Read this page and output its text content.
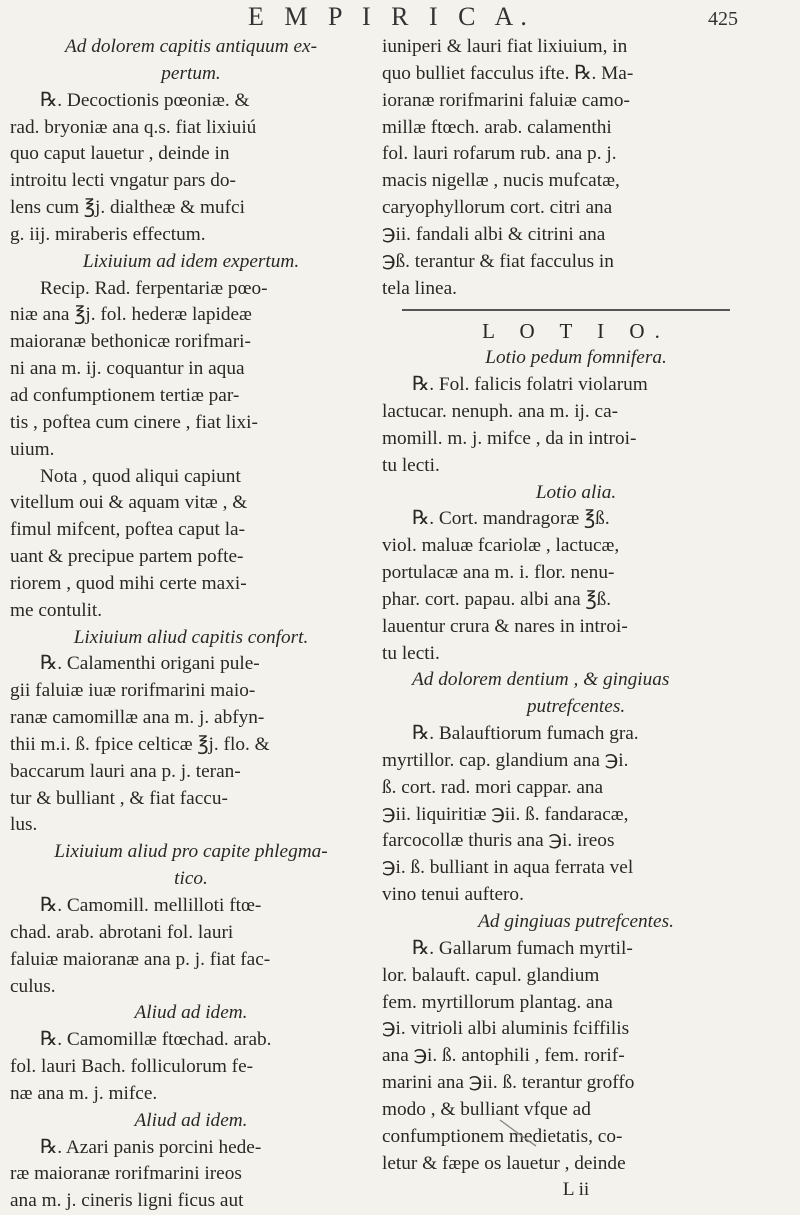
E M P I R I C A.	425
Ad dolorem capitis antiquum ex-
pertum.
℞. Decoctionis pœoniæ. &
rad. bryoniæ ana q.s. fiat lixiuiú
quo caput lauetur , deinde in
introitu lecti vngatur pars do-
lens cum ℥j. dialtheæ & mufci
g. iij. miraberis effectum.
Lixiuium ad idem expertum.
Recip. Rad. ferpentariæ pœo-
niæ ana ℥j. fol. hederæ lapideæ
maioranæ bethonicæ rorifmari-
ni ana m. ij. coquantur in aqua
ad confumptionem tertiæ par-
tis , poftea cum cinere , fiat lixi-
uium.
Nota , quod aliqui capiunt
vitellum oui & aquam vitæ , &
fimul mifcent, poftea caput la-
uant & precipue partem pofte-
riorem , quod mihi certe maxi-
me contulit.
Lixiuium aliud capitis confort.
℞. Calamenthi origani pule-
gii faluiæ iuæ rorifmarini maio-
ranæ camomillæ ana m. j. abfyn-
thii m.i. ß. fpice celticæ ℥j. flo. &
baccarum lauri ana p. j. teran-
tur & bulliant , & fiat faccu-
lus.
Lixiuium aliud pro capite phlegma-
tico.
℞. Camomill. mellilloti ftœ-
chad. arab. abrotani fol. lauri
faluiæ maioranæ ana p. j. fiat fac-
culus.
Aliud ad idem.
℞. Camomillæ ftœchad. arab.
fol. lauri Bach. folliculorum fe-
næ ana m. j. mifce.
Aliud ad idem.
℞. Azari panis porcini hede-
ræ maioranæ rorifmarini ireos
ana m. j. cineris ligni ficus aut
iuniperi & lauri fiat lixiuium, in
quo bulliet facculus ifte. ℞. Ma-
ioranæ rorifmarini faluiæ camo-
millæ ftœch. arab. calamenthi
fol. lauri rofarum rub. ana p. j.
macis nigellæ , nucis mufcatæ,
caryophyllorum cort. citri ana
℈ii. fandali albi & citrini ana
℈ß. terantur & fiat facculus in
tela linea.
L O T I O.
Lotio pedum fomnifera.
℞. Fol. falicis folatri violarum
lactucar. nenuph. ana m. ij. ca-
momill. m. j. mifce , da in introi-
tu lecti.
Lotio alia.
℞. Cort. mandragoræ ℥ß.
viol. maluæ fcariolæ , lactucæ,
portulacæ ana m. i. flor. nenu-
phar. cort. papau. albi ana ℥ß.
lauentur crura & nares in introi-
tu lecti.
Ad dolorem dentium , & gingiuas
putrefcentes.
℞. Balauftiorum fumach gra.
myrtillor. cap. glandium ana ℈i.
ß. cort. rad. mori cappar. ana
℈ii. liquiritiæ ℈ii. ß. fandaracæ,
farcocollæ thuris ana ℈i. ireos
℈i. ß. bulliant in aqua ferrata vel
vino tenui auftero.
Ad gingiuas putrefcentes.
℞. Gallarum fumach myrtil-
lor. balauft. capul. glandium
fem. myrtillorum plantag. ana
℈i. vitrioli albi aluminis fciffilis
ana ℈i. ß. antophili , fem. rorif-
marini ana ℈ii. ß. terantur groffo
modo , & bulliant vfque ad
confumptionem medietatis, co-
letur & fæpe os lauetur , deinde
L ii
